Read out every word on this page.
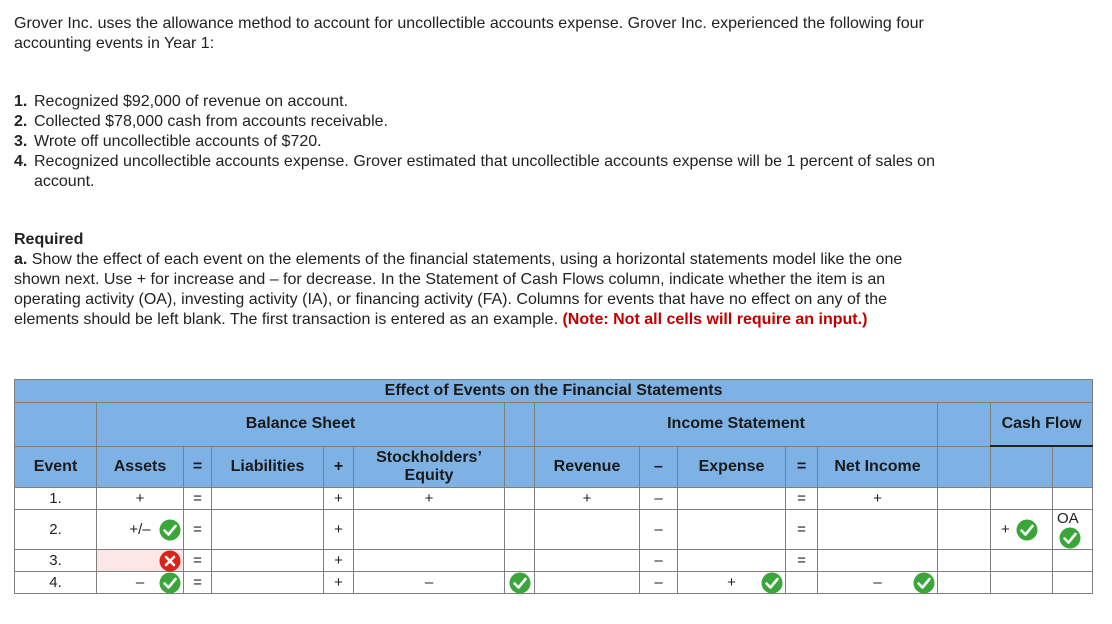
Grover Inc. uses the allowance method to account for uncollectible accounts expense. Grover Inc. experienced the following four accounting events in Year 1:

1. Recognized $92,000 of revenue on account.
2. Collected $78,000 cash from accounts receivable.
3. Wrote off uncollectible accounts of $720.
4. Recognized uncollectible accounts expense. Grover estimated that uncollectible accounts expense will be 1 percent of sales on account.

Required

a. Show the effect of each event on the elements of the financial statements, using a horizontal statements model like the one shown next. Use + for increase and – for decrease. In the Statement of Cash Flows column, indicate whether the item is an operating activity (OA), investing activity (IA), or financing activity (FA). Columns for events that have no effect on any of the elements should be left blank. The first transaction is entered as an example. (Note: Not all cells will require an input.)

Effect of Events on the Financial Statements														
	Balance Sheet						Income Statement						Cash Flow	
Event	Assets	=	Liabilities	+	Stockholders’ Equity		Revenue	–	Expense	=	Net Income			
1.	+	=		+	+		+	–		=	+			
2.	+/–	=		+				–		=			+	OA

3.		=		+				–		=				
4.	–	=		+	–			–	+		–
